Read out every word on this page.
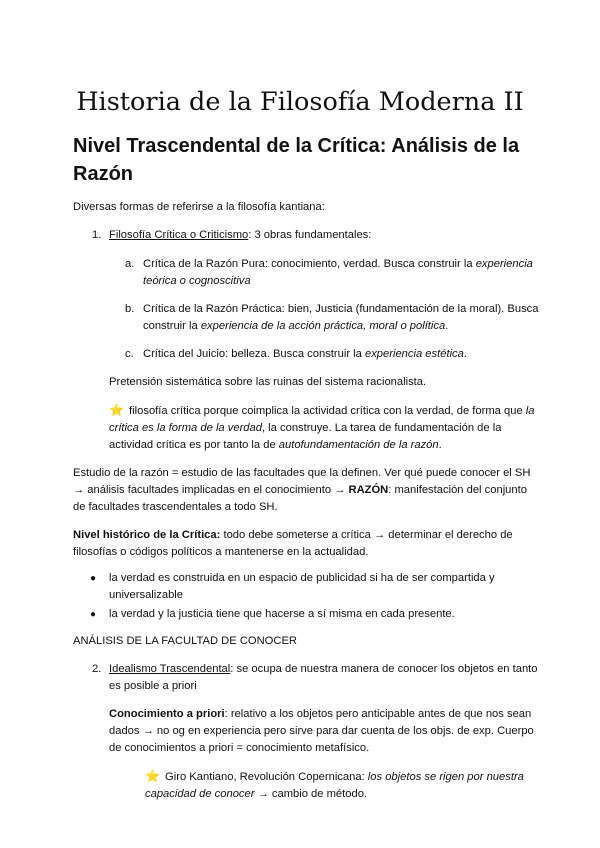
Historia de la Filosofía Moderna II
Nivel Trascendental de la Crítica: Análisis de la Razón

Diversas formas de referirse a la filosofía kantiana:

1. Filosofía Crítica o Criticismo: 3 obras fundamentales:
a. Crítica de la Razón Pura: conocimiento, verdad. Busca construir la experiencia teórica o cognoscitiva
b. Crítica de la Razón Práctica: bien, Justicia (fundamentación de la moral). Busca construir la experiencia de la acción práctica, moral o política.
c. Crítica del Juicio: belleza. Busca construir la experiencia estética.

Pretensión sistemática sobre las ruinas del sistema racionalista.

⭐ filosofía crítica porque coimplica la actividad crítica con la verdad, de forma que la crítica es la forma de la verdad, la construye. La tarea de fundamentación de la actividad crítica es por tanto la de autofundamentación de la razón.

Estudio de la razón = estudio de las facultades que la definen. Ver qué puede conocer el SH → análisis facultades implicadas en el conocimiento → RAZÓN: manifestación del conjunto de facultades trascendentales a todo SH.

Nivel histórico de la Crítica: todo debe someterse a crítica → determinar el derecho de filosofías o códigos políticos a mantenerse en la actualidad.

● la verdad es construida en un espacio de publicidad si ha de ser compartida y universalizable
● la verdad y la justicia tiene que hacerse a sí misma en cada presente.

ANÁLISIS DE LA FACULTAD DE CONOCER

2. Idealismo Trascendental: se ocupa de nuestra manera de conocer los objetos en tanto es posible a priori

Conocimiento a priori: relativo a los objetos pero anticipable antes de que nos sean dados → no og en experiencia pero sirve para dar cuenta de los objs. de exp. Cuerpo de conocimientos a priori = conocimiento metafísico.

⭐ Giro Kantiano, Revolución Copernicana: los objetos se rigen por nuestra capacidad de conocer → cambio de método.
